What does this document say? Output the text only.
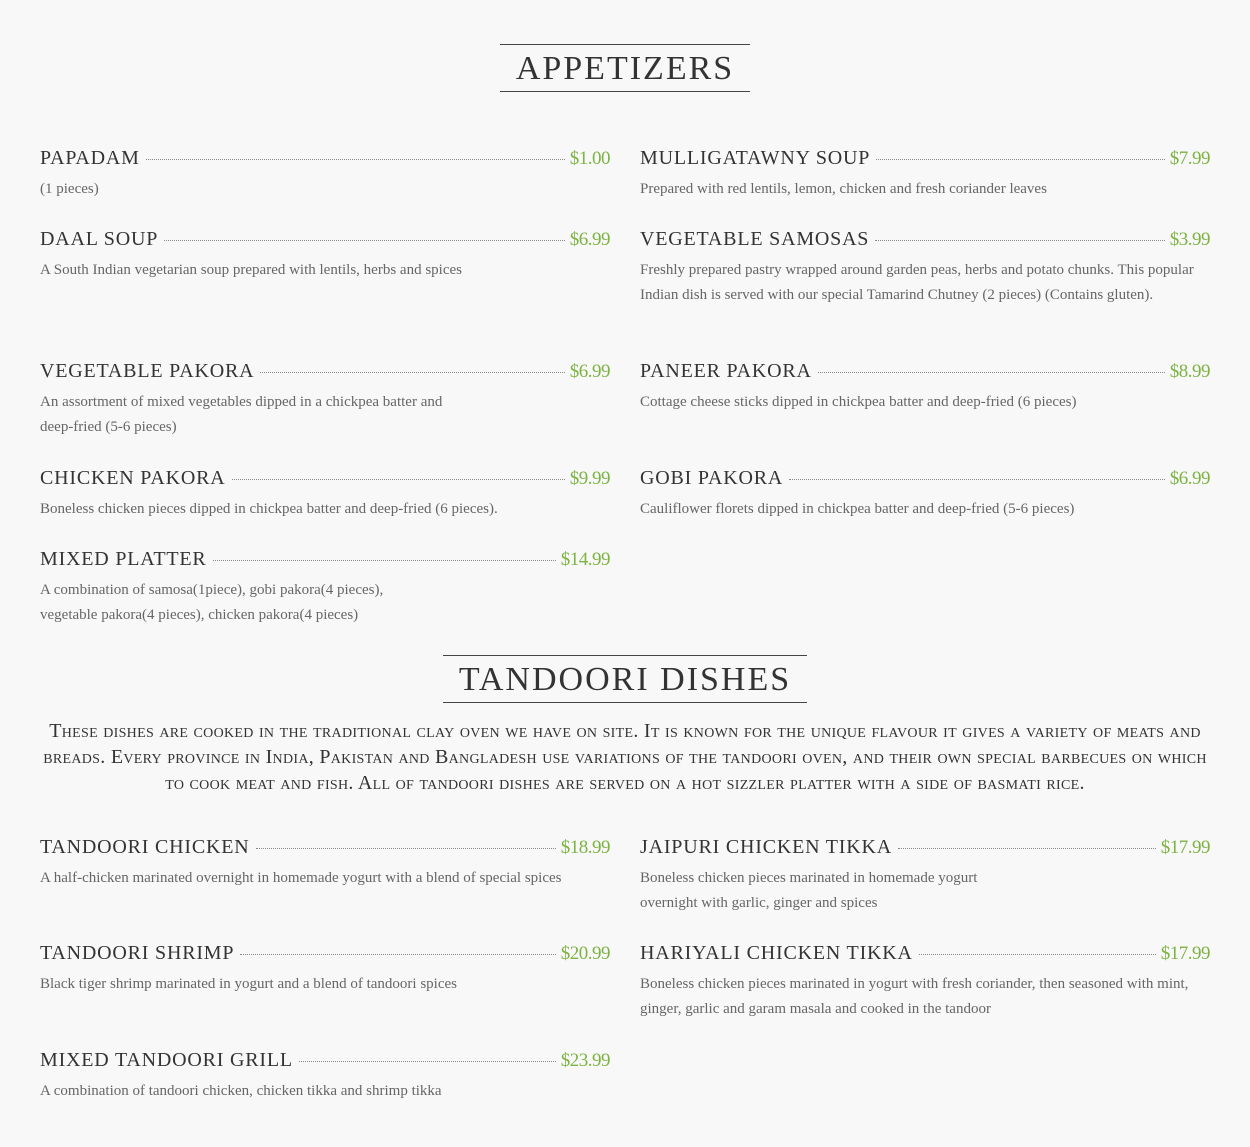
APPETIZERS
PAPADAM	$1.00
(1 pieces)
MULLIGATAWNY SOUP	$7.99
Prepared with red lentils, lemon, chicken and fresh coriander leaves
DAAL SOUP	$6.99
A South Indian vegetarian soup prepared with lentils, herbs and spices
VEGETABLE SAMOSAS	$3.99
Freshly prepared pastry wrapped around garden peas, herbs and potato chunks. This popular Indian dish is served with our special Tamarind Chutney (2 pieces) (Contains gluten).
VEGETABLE PAKORA	$6.99
An assortment of mixed vegetables dipped in a chickpea batter and deep-fried (5-6 pieces)
PANEER PAKORA	$8.99
Cottage cheese sticks dipped in chickpea batter and deep-fried (6 pieces)
CHICKEN PAKORA	$9.99
Boneless chicken pieces dipped in chickpea batter and deep-fried (6 pieces).
GOBI PAKORA	$6.99
Cauliflower florets dipped in chickpea batter and deep-fried (5-6 pieces)
MIXED PLATTER	$14.99
A combination of samosa(1piece), gobi pakora(4 pieces), vegetable pakora(4 pieces), chicken pakora(4 pieces)
TANDOORI DISHES
These dishes are cooked in the traditional clay oven we have on site. It is known for the unique flavour it gives a variety of meats and breads. Every province in India, Pakistan and Bangladesh use variations of the tandoori oven, and their own special barbecues on which to cook meat and fish. All of tandoori dishes are served on a hot sizzler platter with a side of basmati rice.
TANDOORI CHICKEN	$18.99
A half-chicken marinated overnight in homemade yogurt with a blend of special spices
JAIPURI CHICKEN TIKKA	$17.99
Boneless chicken pieces marinated in homemade yogurt overnight with garlic, ginger and spices
TANDOORI SHRIMP	$20.99
Black tiger shrimp marinated in yogurt and a blend of tandoori spices
HARIYALI CHICKEN TIKKA	$17.99
Boneless chicken pieces marinated in yogurt with fresh coriander, then seasoned with mint, ginger, garlic and garam masala and cooked in the tandoor
MIXED TANDOORI GRILL	$23.99
A combination of tandoori chicken, chicken tikka and shrimp tikka
